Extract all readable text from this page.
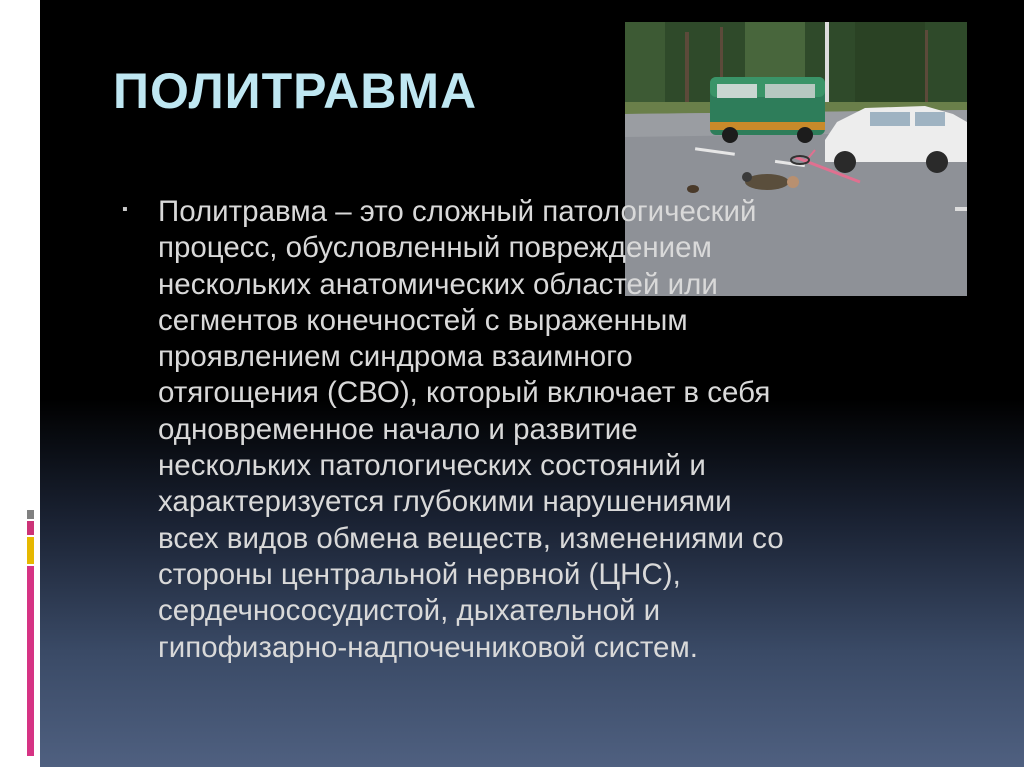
ПОЛИТРАВМА
▪ Политравма – это сложный патологический
процесс, обусловленный повреждением
нескольких анатомических областей или
сегментов конечностей с выраженным
проявлением синдрома взаимного
отягощения (СВО), который включает в себя
одновременное начало и развитие
нескольких патологических состояний и
характеризуется глубокими нарушениями
всех видов обмена веществ, изменениями со
стороны центральной нервной (ЦНС),
сердечнососудистой, дыхательной и
гипофизарно-надпочечниковой систем.
